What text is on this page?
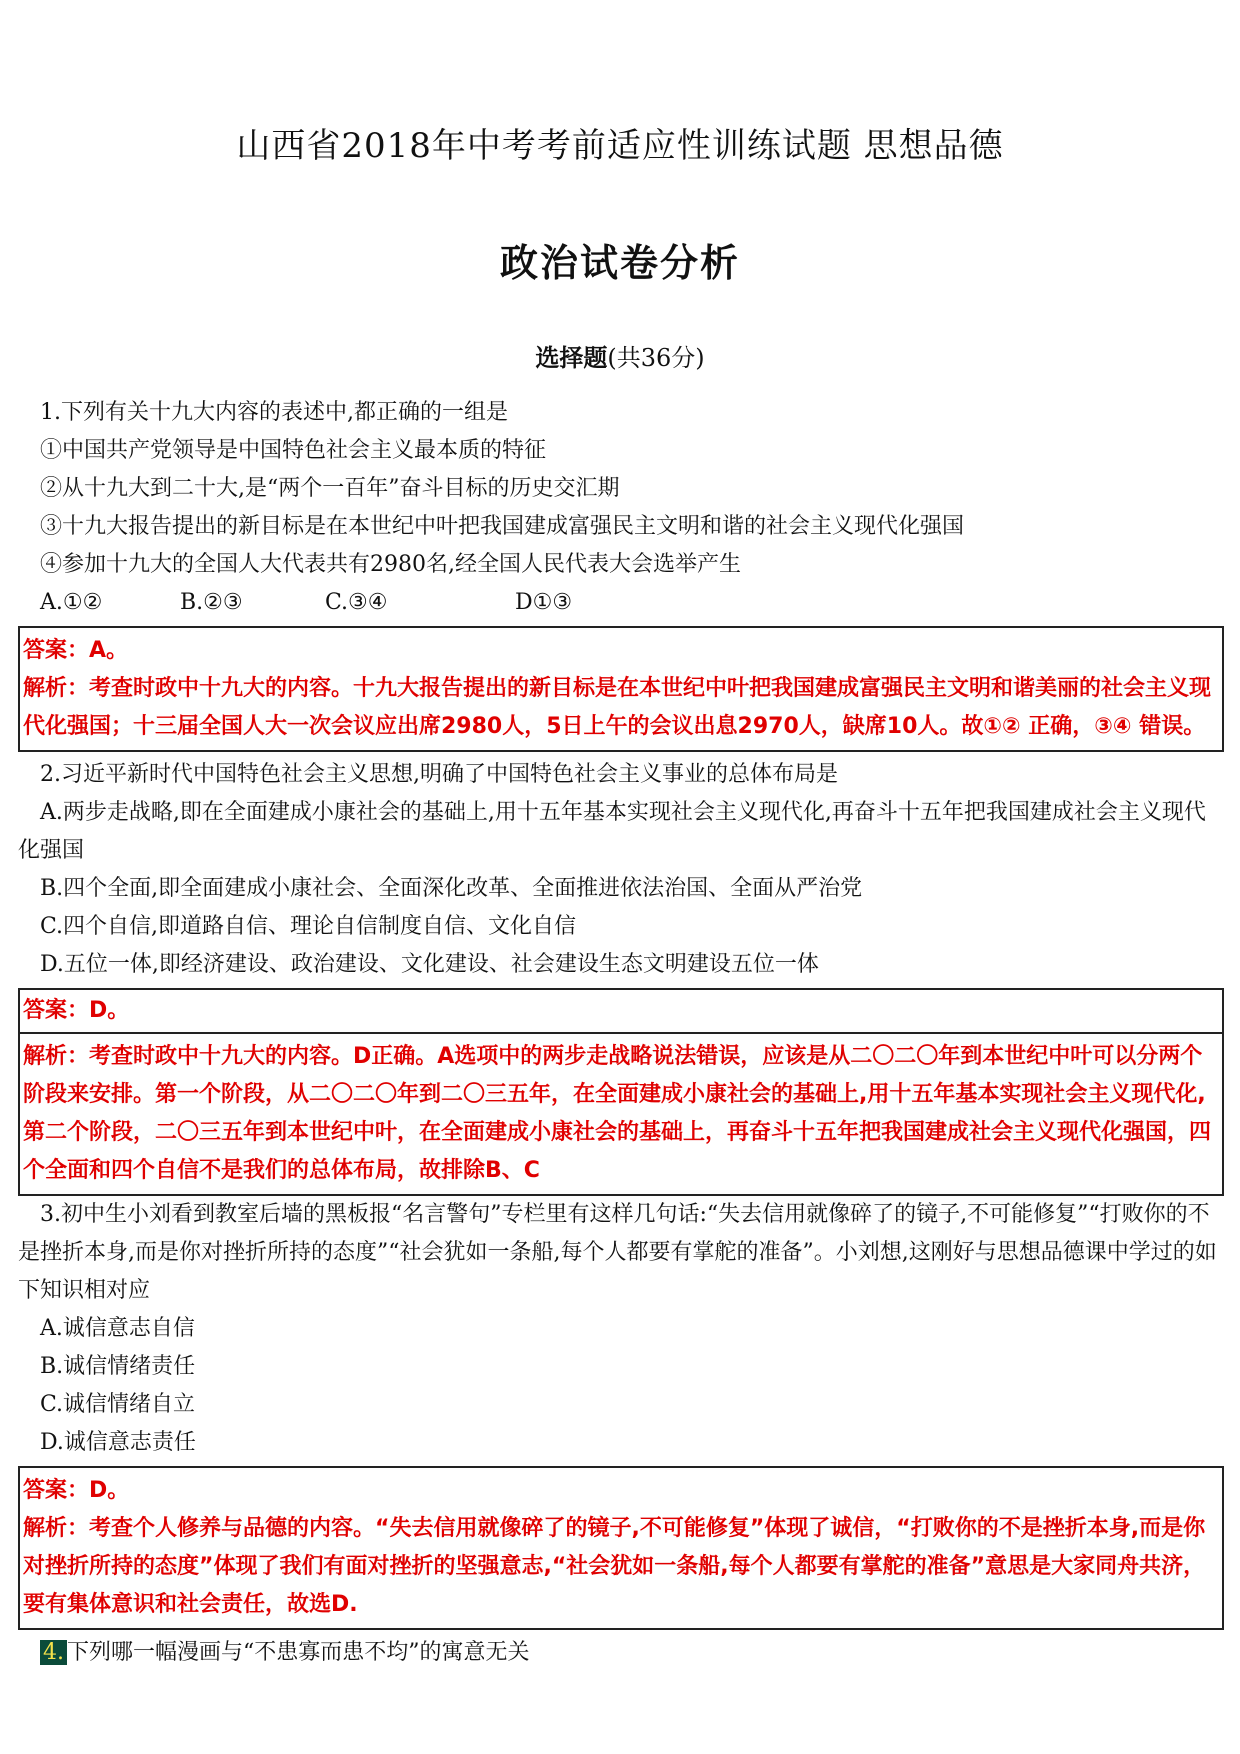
山西省2018年中考考前适应性训练试题 思想品德
政治试卷分析
选择题(共36分)
1.下列有关十九大内容的表述中,都正确的一组是
①中国共产党领导是中国特色社会主义最本质的特征
②从十九大到二十大,是“两个一百年”奋斗目标的历史交汇期
③十九大报告提出的新目标是在本世纪中叶把我国建成富强民主文明和谐的社会主义现代化强国
④参加十九大的全国人大代表共有2980名,经全国人民代表大会选举产生
A.①②	B.②③	C.③④	D①③
答案：A。
解析：考查时政中十九大的内容。十九大报告提出的新目标是在本世纪中叶把我国建成富强民主文明和谐美丽的社会主义现代化强国；十三届全国人大一次会议应出席2980人，5日上午的会议出息2970人，缺席10人。故①② 正确，③④ 错误。
2.习近平新时代中国特色社会主义思想,明确了中国特色社会主义事业的总体布局是
A.两步走战略,即在全面建成小康社会的基础上,用十五年基本实现社会主义现代化,再奋斗十五年把我国建成社会主义现代化强国
B.四个全面,即全面建成小康社会、全面深化改革、全面推进依法治国、全面从严治党
C.四个自信,即道路自信、理论自信制度自信、文化自信
D.五位一体,即经济建设、政治建设、文化建设、社会建设生态文明建设五位一体
答案：D。
解析：考查时政中十九大的内容。D正确。A选项中的两步走战略说法错误，应该是从二〇二〇年到本世纪中叶可以分两个阶段来安排。第一个阶段，从二〇二〇年到二〇三五年，在全面建成小康社会的基础上,用十五年基本实现社会主义现代化,第二个阶段，二〇三五年到本世纪中叶，在全面建成小康社会的基础上，再奋斗十五年把我国建成社会主义现代化强国，四个全面和四个自信不是我们的总体布局，故排除B、C
3.初中生小刘看到教室后墙的黑板报“名言警句”专栏里有这样几句话:“失去信用就像碎了的镜子,不可能修复”“打败你的不是挫折本身,而是你对挫折所持的态度”“社会犹如一条船,每个人都要有掌舵的准备”。小刘想,这刚好与思想品德课中学过的如下知识相对应
A.诚信意志自信
B.诚信情绪责任
C.诚信情绪自立
D.诚信意志责任
答案：D。
解析：考查个人修养与品德的内容。“失去信用就像碎了的镜子,不可能修复”体现了诚信，“打败你的不是挫折本身,而是你对挫折所持的态度”体现了我们有面对挫折的坚强意志,“社会犹如一条船,每个人都要有掌舵的准备”意思是大家同舟共济，要有集体意识和社会责任，故选D.
4. 下列哪一幅漫画与“不患寡而患不均”的寓意无关
